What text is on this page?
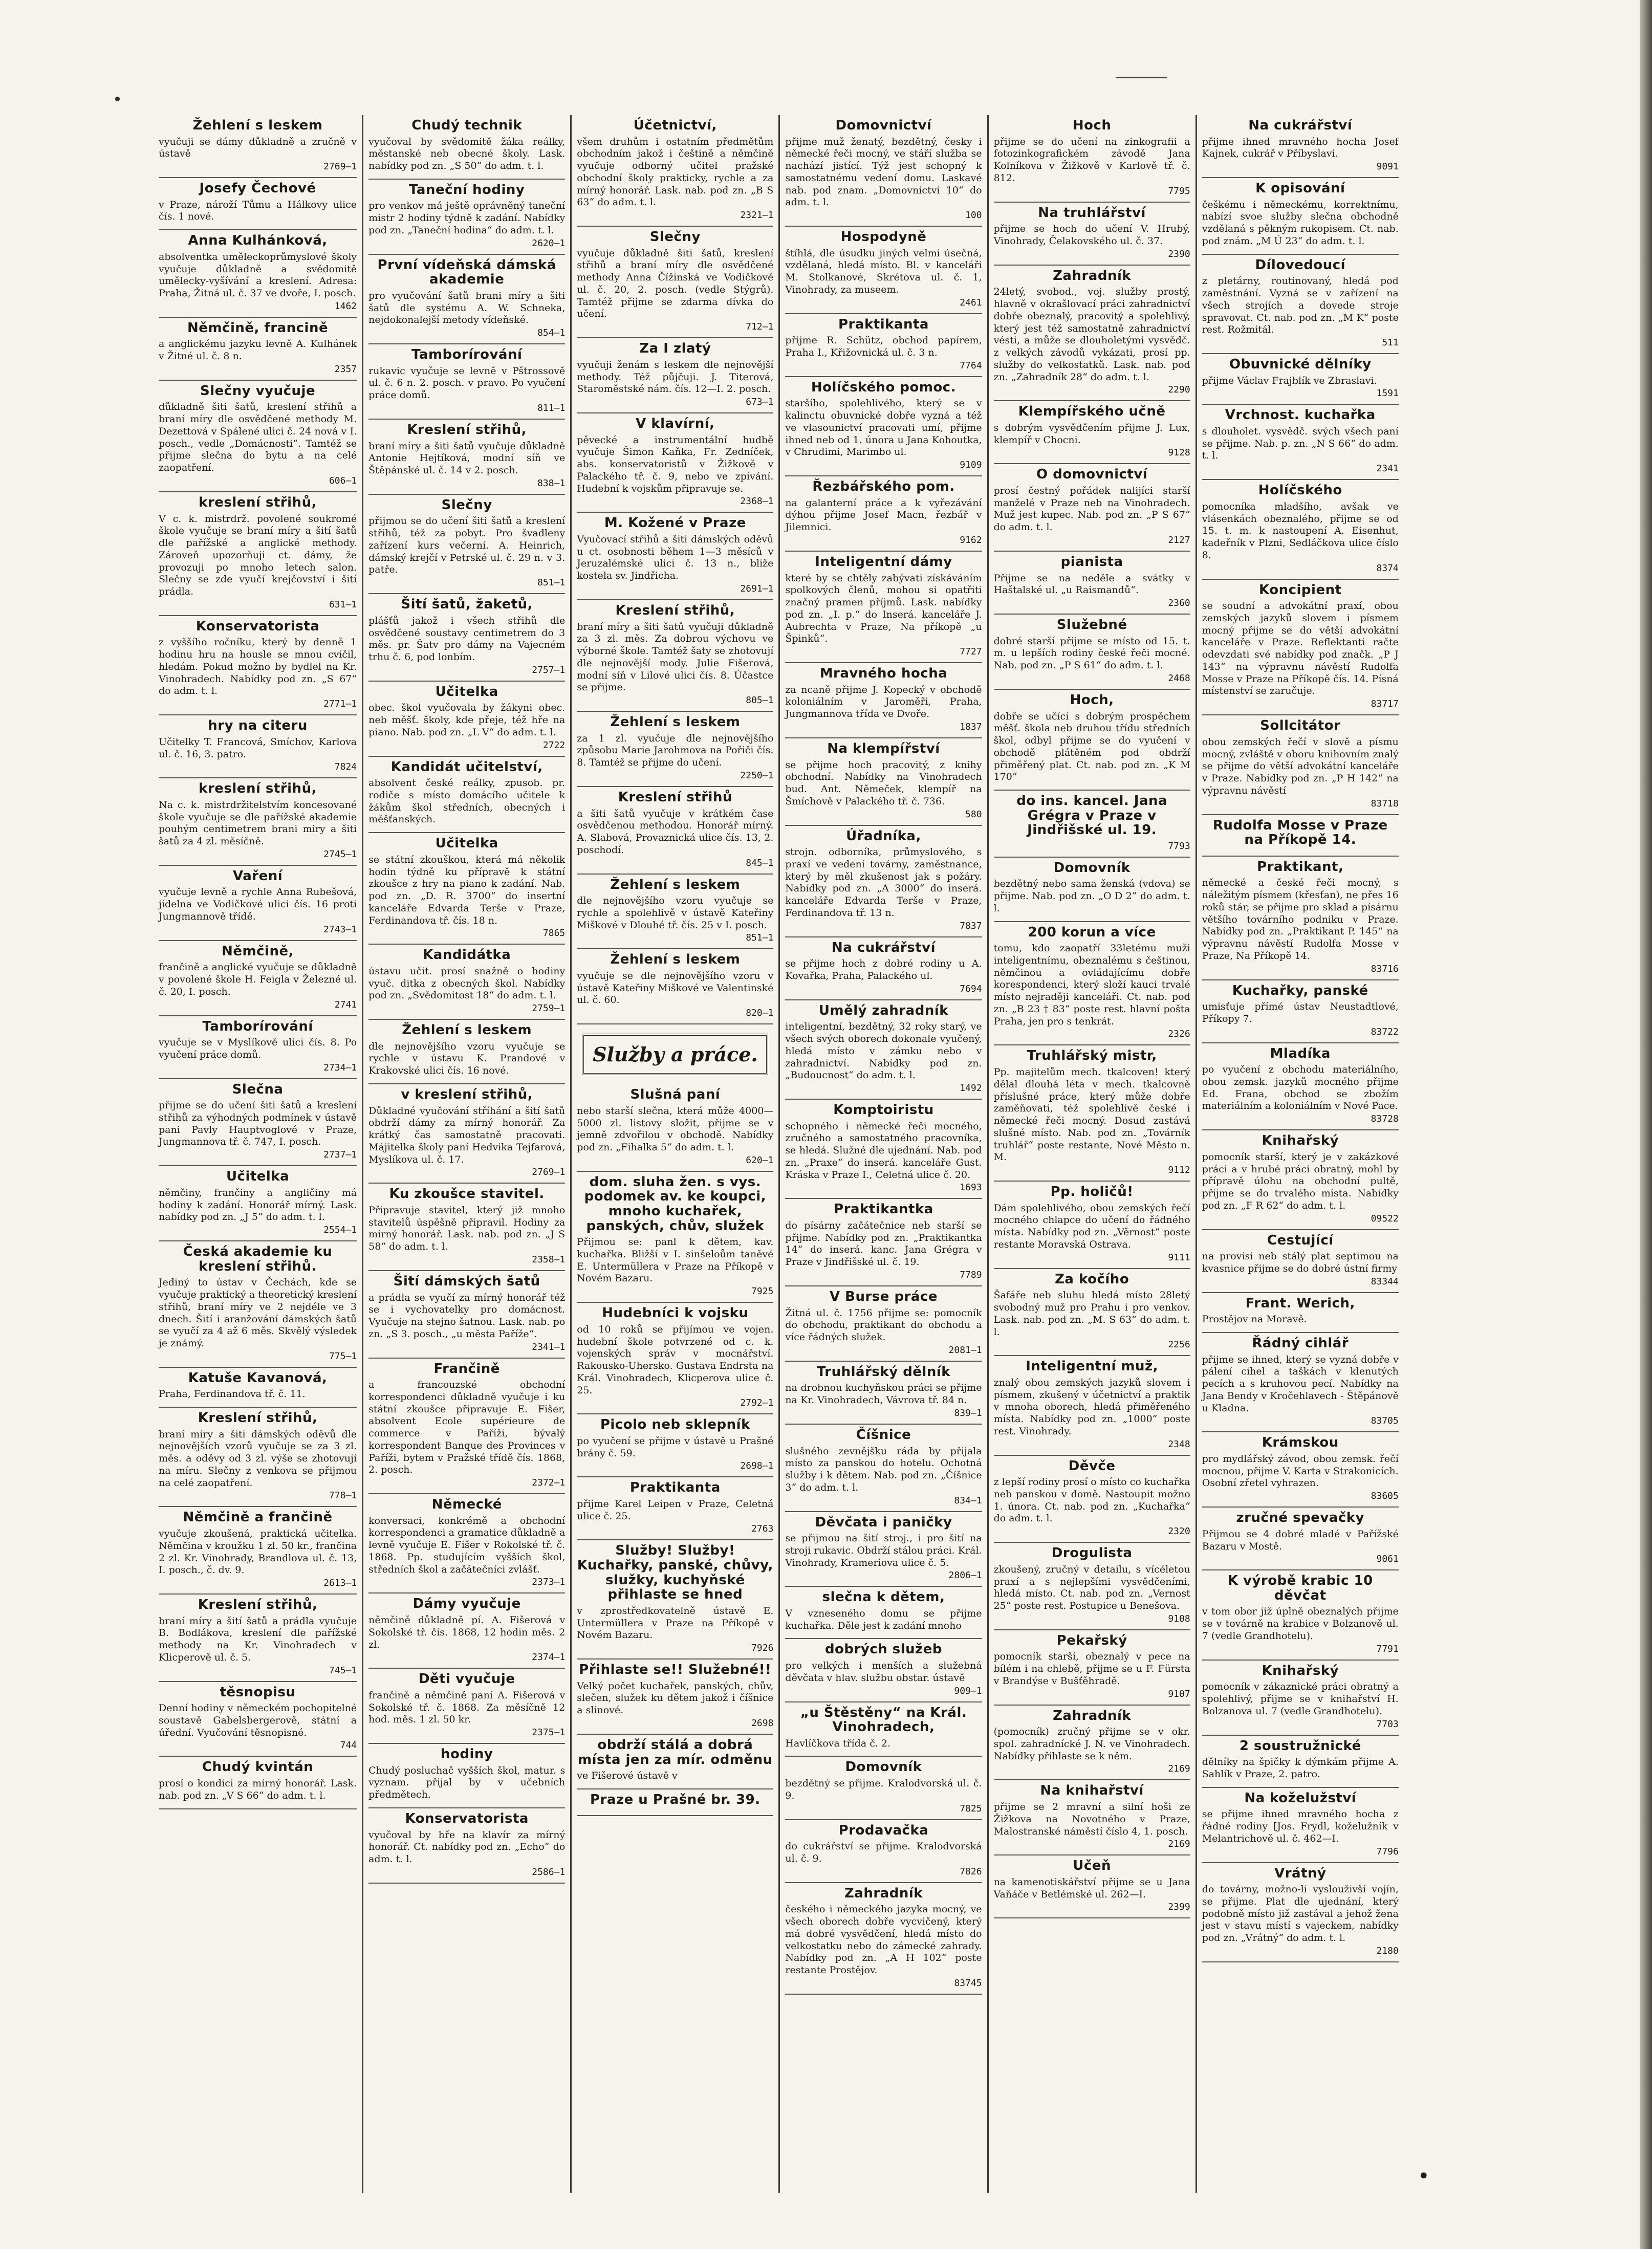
•
Žehlení s leskem

vyučuji se dámy důkladně a zručně v ústavě

2769—1
Josefy Čechové

v Praze, nároží Tůmu a Hálkovy ulice čís. 1 nové.

Anna Kulhánková,

absolventka uměleckoprůmyslové školy vyučuje důkladně a svědomitě umělecky-vyšívání a kreslení. Adresa: Praha, Žitná ul. č. 37 ve dvoře, I. posch.

1462
Němčině, francině

a anglickému jazyku levně A. Kulhánek v Žitné ul. č. 8 n.

2357
Slečny vyučuje

důkladně šiti šatů, kreslení střihů a braní míry dle osvědčené methody M. Dezettová v Spálené ulici č. 24 nová v I. posch., vedle „Domácnosti“. Tamtéž se přijme slečna do bytu a na celé zaopatření.

606—1
kreslení střihů,

V c. k. mistrdrž. povolené soukromé škole vyučuje se braní míry a šití šatů dle pařížské a anglické methody. Zároveň upozorňuji ct. dámy, že provozuji po mnoho letech salon. Slečny se zde vyučí krejčovství i šití prádla.

631—1
Konservatorista

z vyššího ročníku, který by denně 1 hodinu hru na housle se mnou cvičil, hledám. Pokud možno by bydlel na Kr. Vinohradech. Nabídky pod zn. „S 67“ do adm. t. l.

2771—1
hry na citeru

Učitelky T. Francová, Smíchov, Karlova ul. č. 16, 3. patro.

7824
kreslení střihů,

Na c. k. mistrdržitelstvím koncesované škole vyučuje se dle pařížské akademie pouhým centimetrem brani miry a šiti šatů za 4 zl. měsíčně.

2745—1
Vaření

vyučuje levně a rychle Anna Rubešová, jídelna ve Vodičkové ulici čís. 16 proti Jungmannově třídě.

2743—1
Němčině,

frančině a anglické vyučuje se důkladně v povolené škole H. Feigla v Železné ul. č. 20, I. posch.

2741
Tamborírování

vyučuje se v Myslíkově ulici čís. 8. Po vyučení práce domů.

2734—1
Slečna

přijme se do učení šiti šatů a kreslení střihů za výhodných podmínek v ústavě pani Pavly Hauptvoglové v Praze, Jungmannova tř. č. 747, I. posch.

2737—1
Učitelka

němčiny, frančiny a angličiny má hodiny k zadání. Honorář mírný. Lask. nabídky pod zn. „J 5“ do adm. t. l.

2554—1
Česká akademie ku kreslení střihů.

Jediný to ústav v Čechách, kde se vyučuje praktický a theoretický kreslení střihů, braní míry ve 2 nejdéle ve 3 dnech. Šití i aranžování dámských šatů se vyučí za 4 až 6 měs. Skvělý výsledek je známý.

775—1
Katuše Kavanová,

Praha, Ferdinandova tř. č. 11.

Kreslení střihů,

braní míry a šiti dámských oděvů dle nejnovějších vzorů vyučuje se za 3 zl. měs. a oděvy od 3 zl. výše se zhotovují na míru. Slečny z venkova se přijmou na celé zaopatření.

778—1
Němčině a frančině

vyučuje zkoušená, praktická učitelka. Němčina v kroužku 1 zl. 50 kr., frančina 2 zl. Kr. Vinohrady, Brandlova ul. č. 13, I. posch., č. dv. 9.

2613—1
Kreslení střihů,

braní míry a šití šatů a prádla vyučuje B. Bodlákova, kreslení dle pařížské methody na Kr. Vinohradech v Klicperově ul. č. 5.

745—1
těsnopisu

Denní hodiny v německém pochopitelné soustavě Gabelsbergerově, státní a úřední. Vyučování těsnopisné.

744
Chudý kvintán

prosí o kondici za mírný honorář. Lask. nab. pod zn. „V S 66“ do adm. t. l.

Chudý technik

vyučoval by svědomitě žáka reálky, městanské neb obecné školy. Lask. nabídky pod zn. „S 50“ do adm. t. l.

Taneční hodiny

pro venkov má ještě oprávněný taneční mistr 2 hodiny týdně k zadání. Nabídky pod zn. „Taneční hodina“ do adm. t. l.

2620—1
První vídeňská dámská akademie

pro vyučování šatů brani míry a šiti šatů dle systému A. W. Schneka, nejdokonalejší metody vídeňské.

854—1
Tamborírování

rukavic vyučuje se levně v Pštrossově ul. č. 6 n. 2. posch. v pravo. Po vyučení práce domů.

811—1
Kreslení střihů,

braní míry a šiti šatů vyučuje důkladně Antonie Hejtíková, modní síň ve Štěpánské ul. č. 14 v 2. posch.

838—1
Slečny

přijmou se do učení šiti šatů a kreslení střihů, též za pobyt. Pro švadleny zařízení kurs večerní. A. Heinrich, dámský krejčí v Petrské ul. č. 29 n. v 3. patře.

851—1
Šití šatů, žaketů,

plášťů jakož i všech střihů dle osvědčené soustavy centimetrem do 3 měs. pr. Šatv pro dámy na Vajecném trhu č. 6, pod lonbím.

2757—1
Učitelka

obec. škol vyučovala by žákyni obec. neb měšť. školy, kde přeje, též hře na piano. Nab. pod zn. „L V“ do adm. t. l.

2722
Kandidát učitelství,

absolvent české reálky, zpusob. pr. rodiče s místo domácího učitele k žákům škol středních, obecných i měšťanských.

Učitelka

se státní zkouškou, která má několik hodin týdně ku přípravě k státní zkoušce z hry na piano k zadání. Nab. pod zn. „D. R. 3700“ do insertní kanceláře Edvarda Terše v Praze, Ferdinandova tř. čís. 18 n.

7865
Kandidátka

ústavu učit. prosí snažně o hodiny vyuč. ditka z obecných škol. Nabídky pod zn. „Svědomitost 18“ do adm. t. l.

2759—1
Žehlení s leskem

dle nejnovějšího vzoru vyučuje se rychle v ústavu K. Prandové v Krakovské ulici čís. 16 nové.

v kreslení střihů,

Důkladné vyučování stříhání a šití šatů obdrží dámy za mírný honorář. Za krátký čas samostatně pracovati. Májitelka školy paní Hedvika Tejfarová, Myslíkova ul. č. 17.

2769—1
Ku zkoušce stavitel.

Připravuje stavitel, který již mnoho stavitelů úspěšně připravil. Hodiny za mírný honorář. Lask. nab. pod zn. „J S 58“ do adm. t. l.

2358—1
Šití dámských šatů

a prádla se vyučí za mírný honorář též se i vychovatelky pro domácnost. Vyučuje na stejno šatnou. Lask. nab. po zn. „S 3. posch., „u města Paříže“.

2341—1
Frančině

a francouzské obchodní korrespondenci důkladně vyučuje i ku státní zkoušce připravuje E. Fišer, absolvent Ecole supérieure de commerce v Paříži, bývalý korrespondent Banque des Provinces v Paříži, bytem v Pražské třídě čís. 1868, 2. posch.

2372—1
Německé

konversaci, konkrémě a obchodní korrespondenci a gramatice důkladně a levně vyučuje E. Fišer v Rokolské tř. č. 1868. Pp. studujícím vyšších škol, středních škol a začátečníci zvlášť.

2373—1
Dámy vyučuje

němčině důkladně pí. A. Fišerová v Sokolské tř. čís. 1868, 12 hodin měs. 2 zl.

2374—1
Děti vyučuje

frančině a němčině paní A. Fišerová v Sokolské tř. č. 1868. Za měsíčně 12 hod. měs. 1 zl. 50 kr.

2375—1
hodiny

Chudý posluchač vyšších škol, matur. s vyznam. přijal by v učebních předmětech.

Konservatorista

vyučoval by hře na klavír za mírný honorář. Ct. nabídky pod zn. „Echo“ do adm. t. l.

2586—1
Účetnictví,

všem druhům i ostatním předmětům obchodním jakož i češtině a němčině vyučuje odborný učitel pražské obchodní školy prakticky, rychle a za mírný honorář. Lask. nab. pod zn. „B S 63“ do adm. t. l.

2321—1
Slečny

vyučuje důkladně šiti šatů, kreslení střihů a braní míry dle osvědčené methody Anna Čížinská ve Vodičkově ul. č. 20, 2. posch. (vedle Stýgrů). Tamtéž přijme se zdarma dívka do učení.

712—1
Za I zlatý

vyučuji ženám s leskem dle nejnovější methody. Též půjčuji. J. Titerová, Staroměstské nám. čís. 12—I. 2. posch.

673—1
V klavírní,

pěvecké a instrumentální hudbě vyučuje Šimon Kaňka, Fr. Zedníček, abs. konservatoristů v Žižkově v Palackého tř. č. 9, nebo ve zpívání. Hudební k vojskům připravuje se.

2368—1
M. Kožené v Praze

Vyučovací střihů a šiti dámských oděvů u ct. osobnosti během 1—3 měsíců v Jeruzalémské ulici č. 13 n., bliže kostela sv. Jindřicha.

2691—1
Kreslení střihů,

braní míry a šiti šatů vyučuji důkladně za 3 zl. měs. Za dobrou výchovu ve výborné škole. Tamtéž šaty se zhotovují dle nejnovější mody. Julie Fišerová, modní síň v Lilové ulici čís. 8. Účastce se přijme.

805—1
Žehlení s leskem

za 1 zl. vyučuje dle nejnovějšího způsobu Marie Jarohmova na Pořiči čís. 8. Tamtéž se přijme do učení.

2250—1
Kreslení střihů

a šiti šatů vyučuje v krátkém čase osvědčenou methodou. Honorář mírný. A. Slabová, Provaznická ulice čís. 13, 2. poschodí.

845—1
Žehlení s leskem

dle nejnovějšího vzoru vyučuje se rychle a spolehlivě v ústavě Kateřiny Miškové v Dlouhé tř. čís. 25 v I. posch.

851—1
Žehlení s leskem

vyučuje se dle nejnovějšího vzoru v ústavě Kateřiny Miškové ve Valentinské ul. č. 60.

820—1
Služby a práce.
Slušná paní

nebo starší slečna, která může 4000—5000 zl. listovy složit, přijme se v jemně zdvořilou v obchodě. Nabídky pod zn. „Fihalka 5“ do adm. t. l.

620—1
dom. sluha žen. s vys. podomek av. ke koupci, mnoho kuchařek, panských, chův, služek

Přijmou se: panl k dětem, kav. kuchařka. Bližší v I. sinšeloům taněvé E. Untermüllera v Praze na Příkopě v Novém Bazaru.

7925
Hudebníci k vojsku

od 10 roků se přijímou ve vojen. hudební škole potvrzené od c. k. vojenských správ v mocnářství. Rakousko-Uhersko. Gustava Endrsta na Král. Vinohradech, Klicperova ulice č. 25.

2792—1
Picolo neb sklepník

po vyučení se přijme v ústavě u Prašné brány č. 59.

2698—1
Praktikanta

přijme Karel Leipen v Praze, Celetná ulice č. 25.

2763
Služby! Služby! Kuchařky, panské, chůvy, služky, kuchyňské přihlaste se hned

v zprostředkovatelně ústavě E. Untermüllera v Praze na Příkopě v Novém Bazaru.

7926
Přihlaste se!! Služebné!!

Velký počet kuchařek, panských, chův, slečen, služek ku dětem jakož i číšnice a slinové.

2698
obdrží stálá a dobrá místa jen za mír. odměnu

ve Fišerové ústavě v

Praze u Prašné br. 39.

Domovnictví

přijme muž ženatý, bezdětný, česky i německé řeči mocný, ve stáří služba se nachází jistící. Týž jest schopný k samostatnému vedení domu. Laskavé nab. pod znam. „Domovnictví 10“ do adm. t. l.

100
Hospodyně

štíhlá, dle úsudku jiných velmi úsečná, vzdělaná, hledá místo. Bl. v kanceláři M. Stolkanové, Skrétova ul. č. 1, Vinohrady, za museem.

2461
Praktikanta

přijme R. Schütz, obchod papírem, Praha I., Křižovnická ul. č. 3 n.

7764
Holíčského pomoc.

staršího, spolehlivého, který se v kalinctu obuvnické dobře vyzná a též ve vlasounictví pracovati umí, přijme ihned neb od 1. února u Jana Kohoutka, v Chrudimi, Marimbo ul.

9109
Řezbářského pom.

na galanterní práce a k vyřezávání dýhou přijme Josef Macn, řezbář v Jilemnici.

9162
Inteligentní dámy

které by se chtěly zabývati získáváním spolkových členů, mohou si opatřiti značný pramen příjmů. Lask. nabídky pod zn. „I. p.“ do Inserá. kanceláře J. Aubrechta v Praze, Na příkopě „u Špinků“.

7727
Mravného hocha

za ncaně přijme J. Kopecký v obchodě koloniálním v Jaroměři, Praha, Jungmannova třída ve Dvoře.

1837
Na klempířství

se přijme hoch pracovitý, z knihy obchodní. Nabídky na Vinohradech bud. Ant. Němeček, klempíř na Šmíchově v Palackého tř. č. 736.

580
Úřadníka,

strojn. odborníka, průmyslového, s praxí ve vedení továrny, zaměstnance, který by měl zkušenost jak s požáry. Nabídky pod zn. „A 3000“ do inserá. kanceláře Edvarda Terše v Praze, Ferdinandova tř. 13 n.

7837
Na cukrářství

se přijme hoch z dobré rodiny u A. Kovařka, Praha, Palackého ul.

7694
Umělý zahradník

inteligentní, bezdětný, 32 roky starý, ve všech svých oborech dokonale vyučený, hledá místo v zámku nebo v zahradnictví. Nabídky pod zn. „Budoucnost“ do adm. t. l.

1492
Komptoiristu

schopného i německé řeči mocného, zručného a samostatného pracovníka, se hledá. Služné dle ujednání. Nab. pod zn. „Praxe“ do inserá. kanceláře Gust. Kráska v Praze I., Celetná ulice č. 20.

1693
Praktikantka

do písárny začátečnice neb starší se přijme. Nabídky pod zn. „Praktikantka 14“ do inserá. kanc. Jana Grégra v Praze v Jindřišské ul. č. 19.

7789
V Burse práce

Žitná ul. č. 1756 přijme se: pomocník do obchodu, praktikant do obchodu a více řádných služek.

2081—1
Truhlářský dělník

na drobnou kuchyňskou práci se přijme na Kr. Vinohradech, Vávrova tř. 84 n.

839—1
Číšnice

slušného zevnějšku ráda by přijala místo za panskou do hotelu. Ochotná služby i k dětem. Nab. pod zn. „Číšnice 3“ do adm. t. l.

834—1
Děvčata i paničky

se přijmou na šití stroj., i pro šití na stroji rukavic. Obdrží stálou práci. Král. Vinohrady, Krameriova ulice č. 5.

2806—1
slečna k dětem,

V vzneseného domu se přijme kuchařka. Děle jest k zadání mnoho

dobrých služeb

pro velkých i menších a služebná děvčata v hlav. službu obstar. ústavě

909—1
„u Štěstěny“ na Král. Vinohradech,

Havlíčkova třída č. 2.

Domovník

bezdětný se přijme. Kralodvorská ul. č. 9.

7825
Prodavačka

do cukrářství se přijme. Kralodvorská ul. č. 9.

7826
Zahradník

českého i německého jazyka mocný, ve všech oborech dobře vycvičený, který má dobré vysvědčení, hledá místo do velkostatku nebo do zámecké zahrady. Nabídky pod zn. „A H 102“ poste restante Prostějov.

83745
Hoch

přijme se do učení na zinkografii a fotozinkografickém závodě Jana Kolníkova v Žižkově v Karlově tř. č. 812.

7795
Na truhlářství

přijme se hoch do učení V. Hrubý, Vinohrady, Čelakovského ul. č. 37.

2390
Zahradník

24letý, svobod., voj. služby prostý, hlavně v okrašlovací práci zahradnictví dobře obeznalý, pracovitý a spolehlivý, který jest též samostatně zahradnictví vésti, a může se dlouholetými vysvědč. z velkých závodů vykázati, prosí pp. služby do velkostatků. Lask. nab. pod zn. „Zahradník 28“ do adm. t. l.

2290
Klempířského učně

s dobrým vysvědčením přijme J. Lux, klempíř v Chocni.

9128
O domovnictví

prosí čestný pořádek nalijíci starší manželé v Praze neb na Vinohradech. Muž jest kupec. Nab. pod zn. „P S 67“ do adm. t. l.

2127
pianista

Přijme se na neděle a svátky v Haštalské ul. „u Raismandů“.

2360
Služebné

dobré starší přijme se místo od 15. t. m. u lepších rodiny české řeči mocné. Nab. pod zn. „P S 61“ do adm. t. l.

2468
Hoch,

dobře se učící s dobrým prospěchem měšť. škola neb druhou třídu středních škol, odbyl přijme se do vyučení v obchodě plátěném pod obdrží přiměřený plat. Ct. nab. pod zn. „K M 170“

do ins. kancel. Jana Grégra v Praze v Jindřišské ul. 19.

7793
Domovník

bezdětný nebo sama ženská (vdova) se přijme. Nab. pod zn. „O D 2“ do adm. t. l.

200 korun a více

tomu, kdo zaopatří 33letému muži inteligentnímu, obeznalému s češtinou, němčinou a ovládajícímu dobře korespondenci, který složí kauci trvalé místo nejraději kanceláři. Ct. nab. pod zn. „B 23 † 83“ poste rest. hlavní pošta Praha, jen pro s tenkrát.

2326
Truhlářský mistr,

Pp. majitelům mech. tkalcoven! který dělal dlouhá léta v mech. tkalcovně příslušné práce, který může dobře zaměňovati, též spolehlivě české i německé řeči mocný. Dosud zastává slušné místo. Nab. pod zn. „Továrník truhlář“ poste restante, Nové Město n. M.

9112
Pp. holičů!

Dám spolehlivého, obou zemských řečí mocného chlapce do učení do řádného místa. Nabídky pod zn. „Věrnost“ poste restante Moravská Ostrava.

9111
Za kočího

Šafáře neb sluhu hledá místo 28letý svobodný muž pro Prahu i pro venkov. Lask. nab. pod zn. „M. S 63“ do adm. t. l.

2256
Inteligentní muž,

znalý obou zemských jazyků slovem i písmem, zkušený v účetnictví a praktik v mnoha oborech, hledá přiměřeného místa. Nabídky pod zn. „1000“ poste rest. Vinohrady.

2348
Děvče

z lepší rodiny prosí o místo co kuchařka neb panskou v domě. Nastoupit možno 1. února. Ct. nab. pod zn. „Kuchařka“ do adm. t. l.

2320
Drogulista

zkoušený, zručný v detailu, s vícéletou praxí a s nejlepšími vysvědčeními, hledá místo. Ct. nab. pod zn. „Vernost 25“ poste rest. Postupice u Benešova.

9108
Pekařský

pomocník starší, obeznalý v pece na bílém i na chlebě, přijme se u F. Fürsta v Brandýse v Bušťěhradě.

9107
Zahradník

(pomocník) zručný přijme se v okr. spol. zahradnícké J. N. ve Vinohradech. Nabídky přihlaste se k něm.

2169
Na knihařství

přijme se 2 mravní a silní hoši ze Žižkova na Novotného v Praze, Malostranské náměstí číslo 4, 1. posch.

2169
Učeň

na kamenotiskářství přijme se u Jana Vaňáče v Betlémské ul. 262—I.

2399
Na cukrářství

přijme ihned mravného hocha Josef Kajnek, cukrář v Příbyslavi.

9091
K opisování

češkému i německému, korrektnímu, nabízí svoe služby slečna obchodně vzdělaná s pěkným rukopisem. Ct. nab. pod znám. „M Ú 23“ do adm. t. l.

Dílovedoucí

z pletárny, routinovaný, hledá pod zaměstnání. Vyzná se v zařízení na všech strojích a dovede stroje spravovat. Ct. nab. pod zn. „M K“ poste rest. Rožmitál.

511
Obuvnické dělníky

přijme Václav Frajblík ve Zbraslavi.

1591
Vrchnost. kuchařka

s dlouholet. vysvědč. svých všech paní se přijme. Nab. p. zn. „N S 66“ do adm. t. l.

2341
Holíčského

pomocníka mladšího, avšak ve vlásenkách obeznalého, přijme se od 15. t. m. k nastoupení A. Eisenhut, kadeřník v Plzni, Sedláčkova ulice číslo 8.

8374
Koncipient

se soudní a advokátní praxí, obou zemských jazyků slovem i písmem mocný přijme se do větší advokátní kanceláře v Praze. Reflektanti račte odevzdati své nabídky pod značk. „P J 143“ na výpravnu návěstí Rudolfa Mosse v Praze na Příkopě čís. 14. Písná místenství se zaručuje.

83717
Sollcitátor

obou zemských řečí v slově a písmu mocný, zvláště v oboru knihovním znalý se přijme do větší advokátní kanceláře v Praze. Nabídky pod zn. „P H 142“ na výpravnu návěstí

83718
Rudolfa Mosse v Praze na Příkopě 14.

Praktikant,

německé a české řeči mocný, s náležitým písmem (křesťan), ne přes 16 roků stár, se přijme pro sklad a písárnu většího továrního podniku v Praze. Nabídky pod zn. „Praktikant P. 145“ na výpravnu návěstí Rudolfa Mosse v Praze, Na Příkopě 14.

83716
Kuchařky, panské

umisťuje přímé ústav Neustadtlové, Příkopy 7.

83722
Mladíka

po vyučení z obchodu materiálního, obou zemsk. jazyků mocného přijme Ed. Frana, obchod se zbožím materiálním a koloniálním v Nové Pace.

83728
Knihařský

pomocník starší, který je v zakázkové práci a v hrubé práci obratný, mohl by přípravě úlohu na obchodní pultě, přijme se do trvalého místa. Nabídky pod zn. „F R 62“ do adm. t. l.

09522
Cestující

na provisi neb stálý plat septimou na kvasnice přijme se do dobré ústní firmy

83344
Frant. Werich,

Prostějov na Moravě.

Řádný cihlář

přijme se ihned, který se vyzná dobře v pálení cihel a taškách v klenutých pecích a s kruhovou pecí. Nabídky na Jana Bendy v Kročehlavech - Štěpánově u Kladna.

83705
Krámskou

pro mydlářský závod, obou zemsk. řečí mocnou, přijme V. Karta v Strakonicích. Osobní zřetel vyhrazen.

83605
zručné spevačky

Přijmou se 4 dobré mladé v Pařížské Bazaru v Mostě.

9061
K výrobě krabic 10 děvčat

v tom obor již úplně obeznalých přijme se v továrně na krabice v Bolzanově ul. 7 (vedle Grandhotelu).

7791
Knihařský

pomocník v zákaznické práci obratný a spolehlivý, přijme se v knihařství H. Bolzanova ul. 7 (vedle Grandhotelu).

7703
2 soustružnické

dělníky na špičky k dýmkám přijme A. Sahlík v Praze, 2. patro.

Na koželužství

se přijme ihned mravného hocha z řádné rodiny [Jos. Frydl, koželužník v Melantrichově ul. č. 462—I.

7796
Vrátný

do továrny, možno-li vyslouživší vojín, se přijme. Plat dle ujednání, který podobně místo již zastával a jehož žena jest v stavu místí s vajeckem, nabídky pod zn. „Vrátný“ do adm. t. l.

2180
•
